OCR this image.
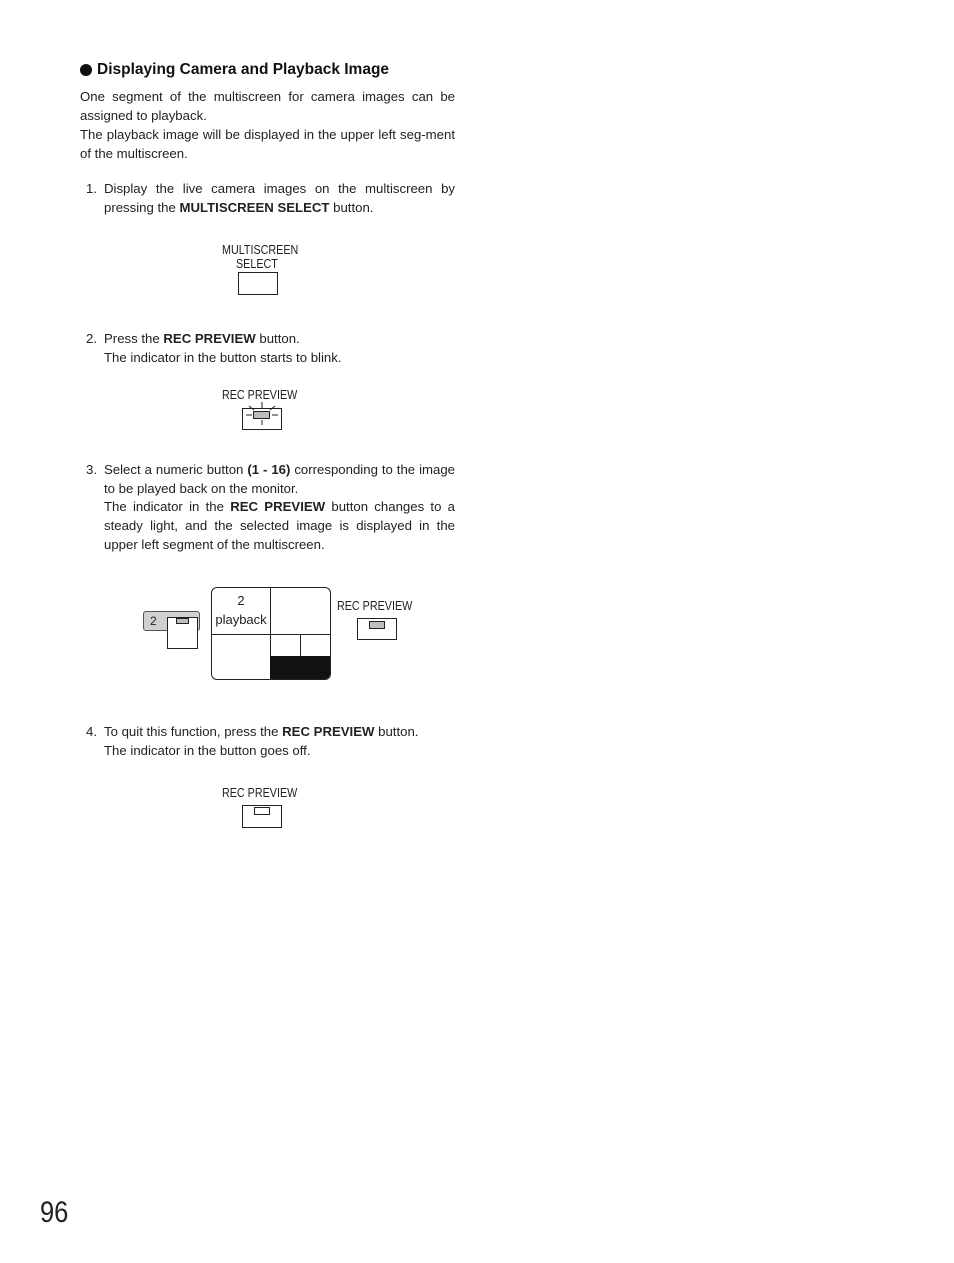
Displaying Camera and Playback Image

One segment of the multiscreen for camera images can be assigned to playback.

The playback image will be displayed in the upper left seg-ment of the multiscreen.

1. Display the live camera images on the multiscreen by pressing the MULTISCREEN SELECT button.

MULTISCREEN
SELECT
2. Press the REC PREVIEW button.

The indicator in the button starts to blink.

REC PREVIEW
3. Select a numeric button (1 - 16) corresponding to the image to be played back on the monitor.

The indicator in the REC PREVIEW button changes to a steady light, and the selected image is displayed in the upper left segment of the multiscreen.

2
2
playback
REC PREVIEW
4. To quit this function, press the REC PREVIEW button.

The indicator in the button goes off.

REC PREVIEW
96
